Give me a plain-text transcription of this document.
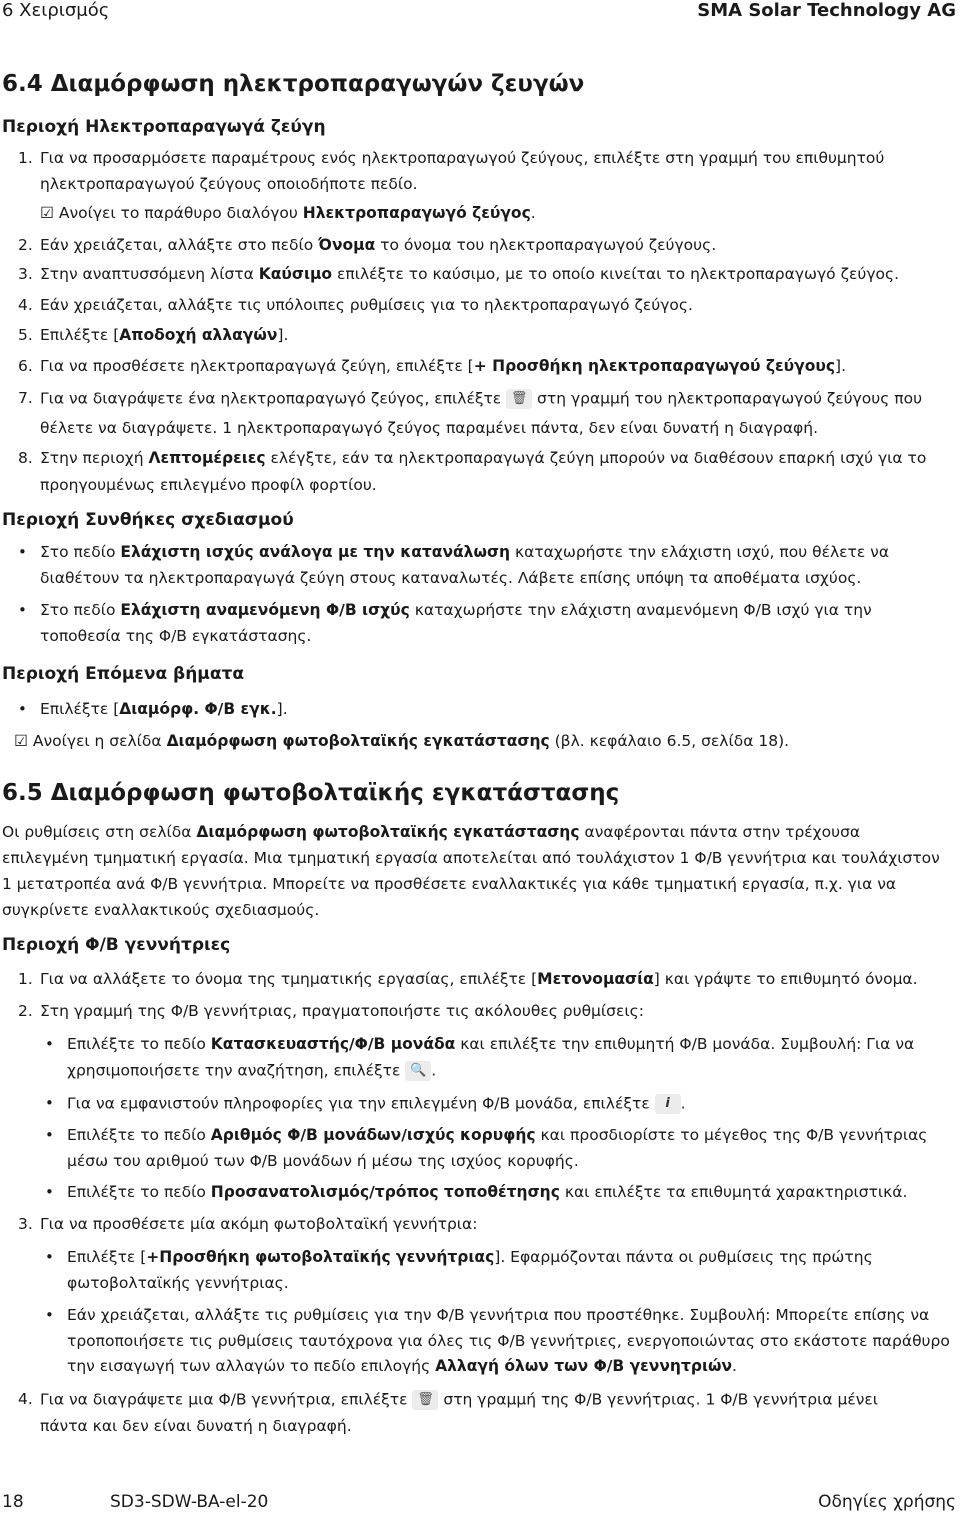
6 Χειρισμός	SMA Solar Technology AG
6.4 Διαμόρφωση ηλεκτροπαραγωγών ζευγών
Περιοχή Ηλεκτροπαραγωγά ζεύγη
1. Για να προσαρμόσετε παραμέτρους ενός ηλεκτροπαραγωγού ζεύγους, επιλέξτε στη γραμμή του επιθυμητού
ηλεκτροπαραγωγού ζεύγους οποιοδήποτε πεδίο.
☑ Ανοίγει το παράθυρο διαλόγου Ηλεκτροπαραγωγό ζεύγος.
2. Εάν χρειάζεται, αλλάξτε στο πεδίο Όνομα το όνομα του ηλεκτροπαραγωγού ζεύγους.
3. Στην αναπτυσσόμενη λίστα Καύσιμο επιλέξτε το καύσιμο, με το οποίο κινείται το ηλεκτροπαραγωγό ζεύγος.
4. Εάν χρειάζεται, αλλάξτε τις υπόλοιπες ρυθμίσεις για το ηλεκτροπαραγωγό ζεύγος.
5. Επιλέξτε [Αποδοχή αλλαγών].
6. Για να προσθέσετε ηλεκτροπαραγωγά ζεύγη, επιλέξτε [+ Προσθήκη ηλεκτροπαραγωγού ζεύγους].
7. Για να διαγράψετε ένα ηλεκτροπαραγωγό ζεύγος, επιλέξτε 🗑 στη γραμμή του ηλεκτροπαραγωγού ζεύγους που
θέλετε να διαγράψετε. 1 ηλεκτροπαραγωγό ζεύγος παραμένει πάντα, δεν είναι δυνατή η διαγραφή.
8. Στην περιοχή Λεπτομέρειες ελέγξτε, εάν τα ηλεκτροπαραγωγά ζεύγη μπορούν να διαθέσουν επαρκή ισχύ για το
προηγουμένως επιλεγμένο προφίλ φορτίου.
Περιοχή Συνθήκες σχεδιασμού
• Στο πεδίο Ελάχιστη ισχύς ανάλογα με την κατανάλωση καταχωρήστε την ελάχιστη ισχύ, που θέλετε να
διαθέτουν τα ηλεκτροπαραγωγά ζεύγη στους καταναλωτές. Λάβετε επίσης υπόψη τα αποθέματα ισχύος.
• Στο πεδίο Ελάχιστη αναμενόμενη Φ/Β ισχύς καταχωρήστε την ελάχιστη αναμενόμενη Φ/Β ισχύ για την
τοποθεσία της Φ/Β εγκατάστασης.
Περιοχή Επόμενα βήματα
• Επιλέξτε [Διαμόρφ. Φ/Β εγκ.].
☑ Ανοίγει η σελίδα Διαμόρφωση φωτοβολταϊκής εγκατάστασης (βλ. κεφάλαιο 6.5, σελίδα 18).
6.5 Διαμόρφωση φωτοβολταϊκής εγκατάστασης
Οι ρυθμίσεις στη σελίδα Διαμόρφωση φωτοβολταϊκής εγκατάστασης αναφέρονται πάντα στην τρέχουσα
επιλεγμένη τμηματική εργασία. Μια τμηματική εργασία αποτελείται από τουλάχιστον 1 Φ/Β γεννήτρια και τουλάχιστον
1 μετατροπέα ανά Φ/Β γεννήτρια. Μπορείτε να προσθέσετε εναλλακτικές για κάθε τμηματική εργασία, π.χ. για να
συγκρίνετε εναλλακτικούς σχεδιασμούς.
Περιοχή Φ/Β γεννήτριες
1. Για να αλλάξετε το όνομα της τμηματικής εργασίας, επιλέξτε [Μετονομασία] και γράψτε το επιθυμητό όνομα.
2. Στη γραμμή της Φ/Β γεννήτριας, πραγματοποιήστε τις ακόλουθες ρυθμίσεις:
• Επιλέξτε το πεδίο Κατασκευαστής/Φ/Β μονάδα και επιλέξτε την επιθυμητή Φ/Β μονάδα. Συμβουλή: Για να
χρησιμοποιήσετε την αναζήτηση, επιλέξτε 🔍 .
• Για να εμφανιστούν πληροφορίες για την επιλεγμένη Φ/Β μονάδα, επιλέξτε i .
• Επιλέξτε το πεδίο Αριθμός Φ/Β μονάδων/ισχύς κορυφής και προσδιορίστε το μέγεθος της Φ/Β γεννήτριας
μέσω του αριθμού των Φ/Β μονάδων ή μέσω της ισχύος κορυφής.
• Επιλέξτε το πεδίο Προσανατολισμός/τρόπος τοποθέτησης και επιλέξτε τα επιθυμητά χαρακτηριστικά.
3. Για να προσθέσετε μία ακόμη φωτοβολταϊκή γεννήτρια:
• Επιλέξτε [+Προσθήκη φωτοβολταϊκής γεννήτριας]. Εφαρμόζονται πάντα οι ρυθμίσεις της πρώτης
φωτοβολταϊκής γεννήτριας.
• Εάν χρειάζεται, αλλάξτε τις ρυθμίσεις για την Φ/Β γεννήτρια που προστέθηκε. Συμβουλή: Μπορείτε επίσης να
τροποποιήσετε τις ρυθμίσεις ταυτόχρονα για όλες τις Φ/Β γεννήτριες, ενεργοποιώντας στο εκάστοτε παράθυρο
την εισαγωγή των αλλαγών το πεδίο επιλογής Αλλαγή όλων των Φ/Β γεννητριών.
4. Για να διαγράψετε μια Φ/Β γεννήτρια, επιλέξτε 🗑 στη γραμμή της Φ/Β γεννήτριας. 1 Φ/Β γεννήτρια μένει
πάντα και δεν είναι δυνατή η διαγραφή.
18	SD3-SDW-BA-el-20	Οδηγίες χρήσης
